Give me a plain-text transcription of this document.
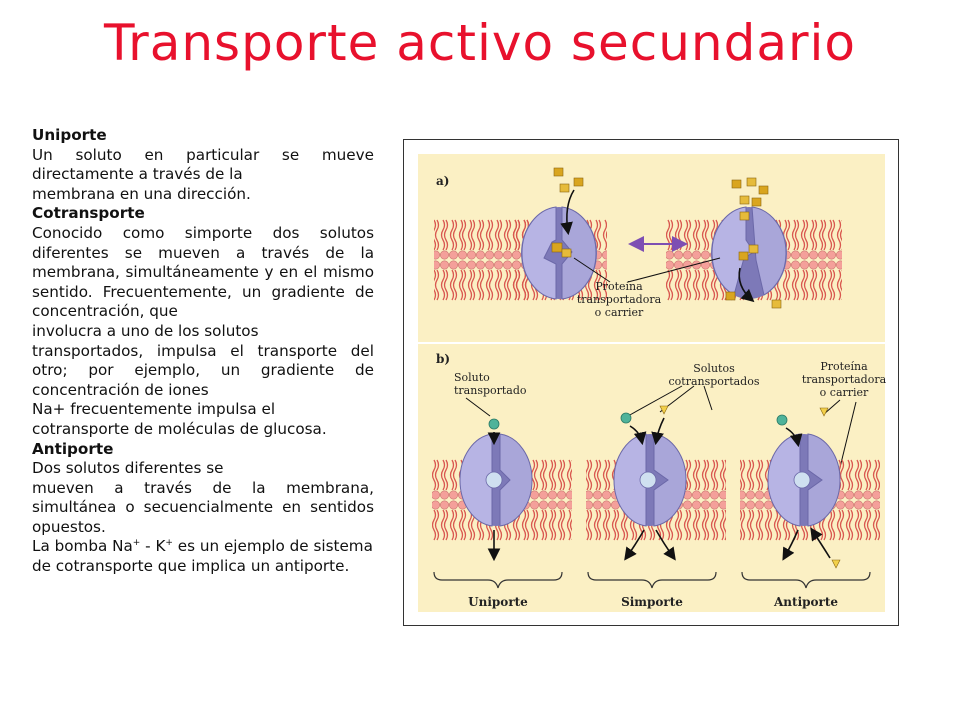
Transporte activo secundario

Uniporte

Un soluto en particular se mueve

directamente a través de la

membrana en una dirección.

Cotransporte

Conocido como simporte dos solutos diferentes se mueven a través de la membrana, simultáneamente y en el mismo sentido. Frecuentemente, un gradiente de concentración, que

involucra a uno de los solutos

transportados, impulsa el transporte del otro; por ejemplo, un gradiente de concentración de iones

Na+ frecuentemente impulsa el

cotransporte de moléculas de glucosa.

Antiporte

Dos solutos diferentes se

mueven a través de la membrana, simultánea o secuencialmente en sentidos opuestos.

La bomba Na+ - K+ es un ejemplo de sistema

de cotransporte que implica un antiporte.

a)
b)
Proteína
transportadora
o carrier
Soluto
transportado
Solutos
cotransportados
Proteína
transportadora
o carrier
Uniporte	Simporte	Antiporte
